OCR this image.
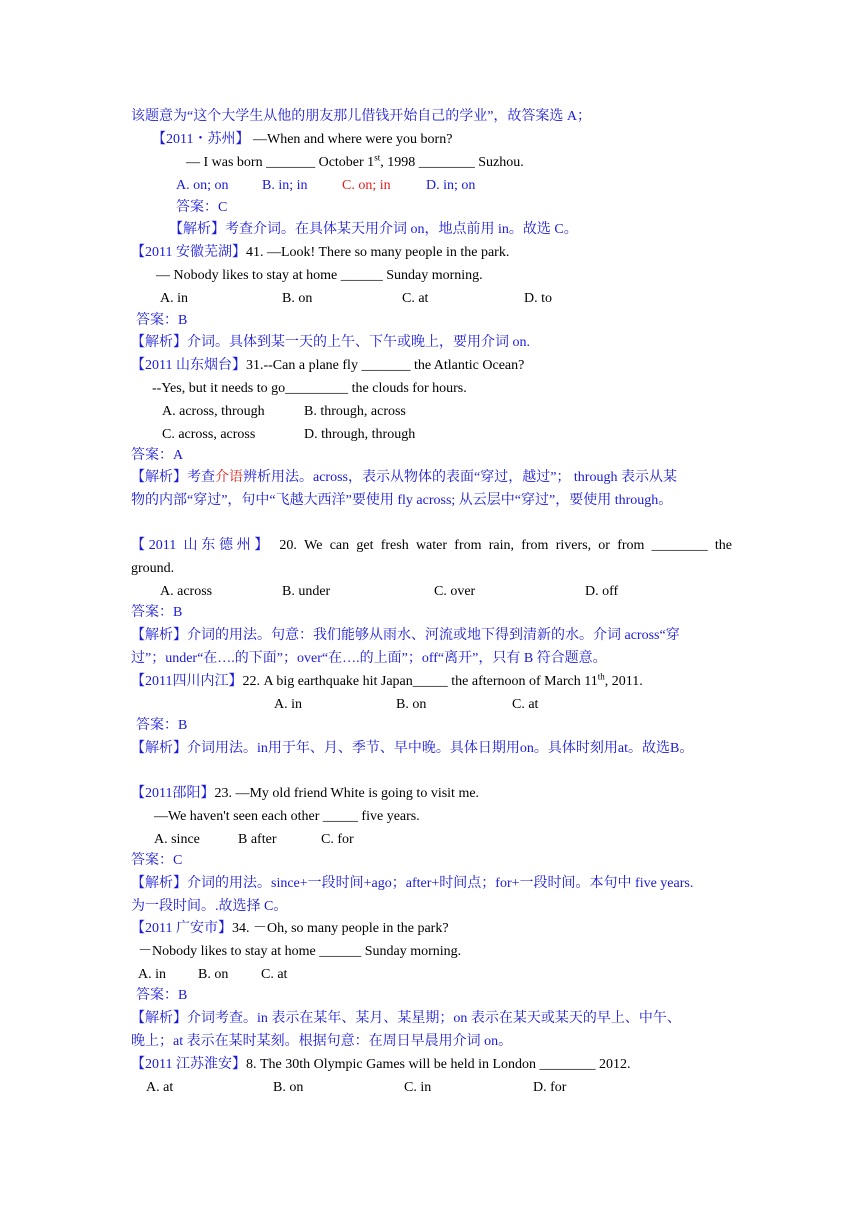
该题意为“这个大学生从他的朋友那儿借钱开始自己的学业”，故答案选 A；
【2011・苏州】 —When and where were you born?
— I was born _______ October 1st, 1998 ________ Suzhou.
A. on; on B. in; in C. on; in	D. in; on
答案：C
【解析】考查介词。在具体某天用介词 on，地点前用 in。故选 C。
【2011 安徽芜湖】41. —Look! There so many people in the park.
— Nobody likes to stay at home ______ Sunday morning.
A. in	B. on	C. at	D. to
答案：B
【解析】介词。具体到某一天的上午、下午或晚上，要用介词 on.
【2011 山东烟台】31.--Can a plane fly _______ the Atlantic Ocean?
--Yes, but it needs to go_________ the clouds for hours.
A. across, through	B. through, across
C. across, across	D. through, through
答案：A
【解析】考查介语辨析用法。across，表示从物体的表面“穿过，越过”； through 表示从某
物的内部“穿过”，句中“飞越大西洋”要使用 fly across; 从云层中“穿过”，要使用 through。
【2011 山东德州】 20. We can get fresh water from rain, from rivers, or from ________ the
ground.
A. across	B. under	C. over	D. off
答案：B
【解析】介词的用法。句意：我们能够从雨水、河流或地下得到清新的水。介词 across“穿
过”；under“在….的下面”；over“在….的上面”；off“离开”，只有 B 符合题意。
【2011四川内江】22. A big earthquake hit Japan_____ the afternoon of March 11th, 2011.
A. in	B. on	C. at
答案：B
【解析】介词用法。in用于年、月、季节、早中晚。具体日期用on。具体时刻用at。故选B。
【2011邵阳】23. —My old friend White is going to visit me.
—We haven't seen each other _____ five years.
A. since	B after	C. for
答案：C
【解析】介词的用法。since+一段时间+ago；after+时间点；for+一段时间。本句中 five years.
为一段时间。.故选择 C。
【2011 广安市】34. －Oh, so many people in the park?
－Nobody likes to stay at home ______ Sunday morning.
A. in B. on C. at
答案：B
【解析】介词考查。in 表示在某年、某月、某星期；on 表示在某天或某天的早上、中午、
晚上；at 表示在某时某刻。根据句意：在周日早晨用介词 on。
【2011 江苏淮安】8. The 30th Olympic Games will be held in London ________ 2012.
A. at	B. on	C. in	D. for
